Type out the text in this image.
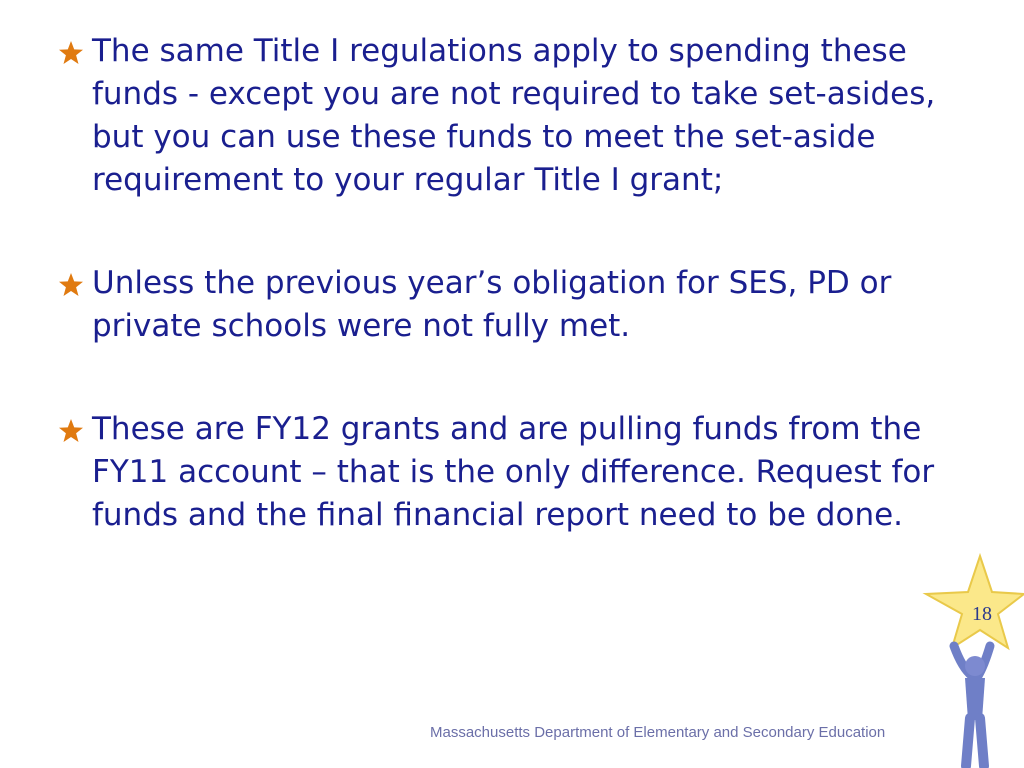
The same Title I regulations apply to spending these funds - except you are not required to take set-asides, but you can use these funds to meet the set-aside requirement to your regular Title I grant;
Unless the previous year’s obligation for SES, PD or private schools were not fully met.
These are FY12 grants and are pulling funds from the FY11 account – that is the only difference. Request for funds and the final financial report need to be done.
Massachusetts Department of Elementary and Secondary Education
18
